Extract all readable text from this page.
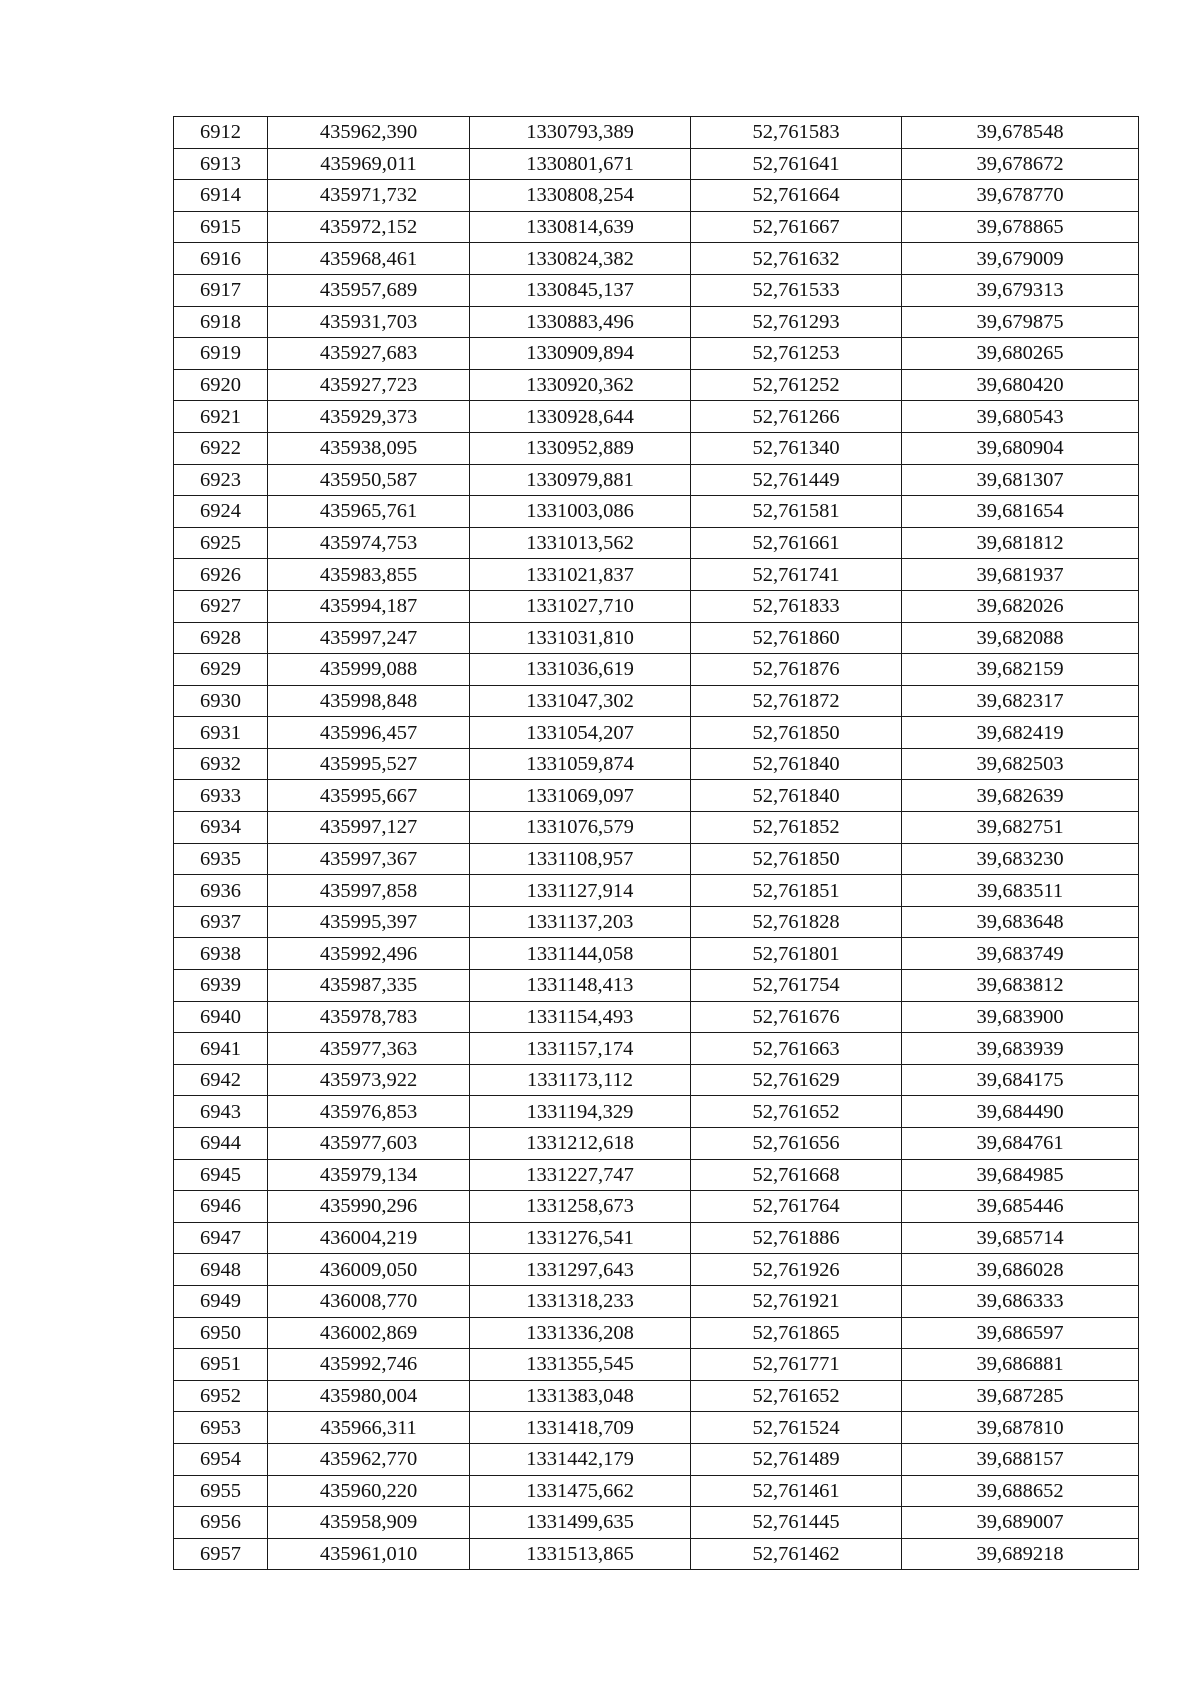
6912	435962,390	1330793,389	52,761583	39,678548
6913	435969,011	1330801,671	52,761641	39,678672
6914	435971,732	1330808,254	52,761664	39,678770
6915	435972,152	1330814,639	52,761667	39,678865
6916	435968,461	1330824,382	52,761632	39,679009
6917	435957,689	1330845,137	52,761533	39,679313
6918	435931,703	1330883,496	52,761293	39,679875
6919	435927,683	1330909,894	52,761253	39,680265
6920	435927,723	1330920,362	52,761252	39,680420
6921	435929,373	1330928,644	52,761266	39,680543
6922	435938,095	1330952,889	52,761340	39,680904
6923	435950,587	1330979,881	52,761449	39,681307
6924	435965,761	1331003,086	52,761581	39,681654
6925	435974,753	1331013,562	52,761661	39,681812
6926	435983,855	1331021,837	52,761741	39,681937
6927	435994,187	1331027,710	52,761833	39,682026
6928	435997,247	1331031,810	52,761860	39,682088
6929	435999,088	1331036,619	52,761876	39,682159
6930	435998,848	1331047,302	52,761872	39,682317
6931	435996,457	1331054,207	52,761850	39,682419
6932	435995,527	1331059,874	52,761840	39,682503
6933	435995,667	1331069,097	52,761840	39,682639
6934	435997,127	1331076,579	52,761852	39,682751
6935	435997,367	1331108,957	52,761850	39,683230
6936	435997,858	1331127,914	52,761851	39,683511
6937	435995,397	1331137,203	52,761828	39,683648
6938	435992,496	1331144,058	52,761801	39,683749
6939	435987,335	1331148,413	52,761754	39,683812
6940	435978,783	1331154,493	52,761676	39,683900
6941	435977,363	1331157,174	52,761663	39,683939
6942	435973,922	1331173,112	52,761629	39,684175
6943	435976,853	1331194,329	52,761652	39,684490
6944	435977,603	1331212,618	52,761656	39,684761
6945	435979,134	1331227,747	52,761668	39,684985
6946	435990,296	1331258,673	52,761764	39,685446
6947	436004,219	1331276,541	52,761886	39,685714
6948	436009,050	1331297,643	52,761926	39,686028
6949	436008,770	1331318,233	52,761921	39,686333
6950	436002,869	1331336,208	52,761865	39,686597
6951	435992,746	1331355,545	52,761771	39,686881
6952	435980,004	1331383,048	52,761652	39,687285
6953	435966,311	1331418,709	52,761524	39,687810
6954	435962,770	1331442,179	52,761489	39,688157
6955	435960,220	1331475,662	52,761461	39,688652
6956	435958,909	1331499,635	52,761445	39,689007
6957	435961,010	1331513,865	52,761462	39,689218
